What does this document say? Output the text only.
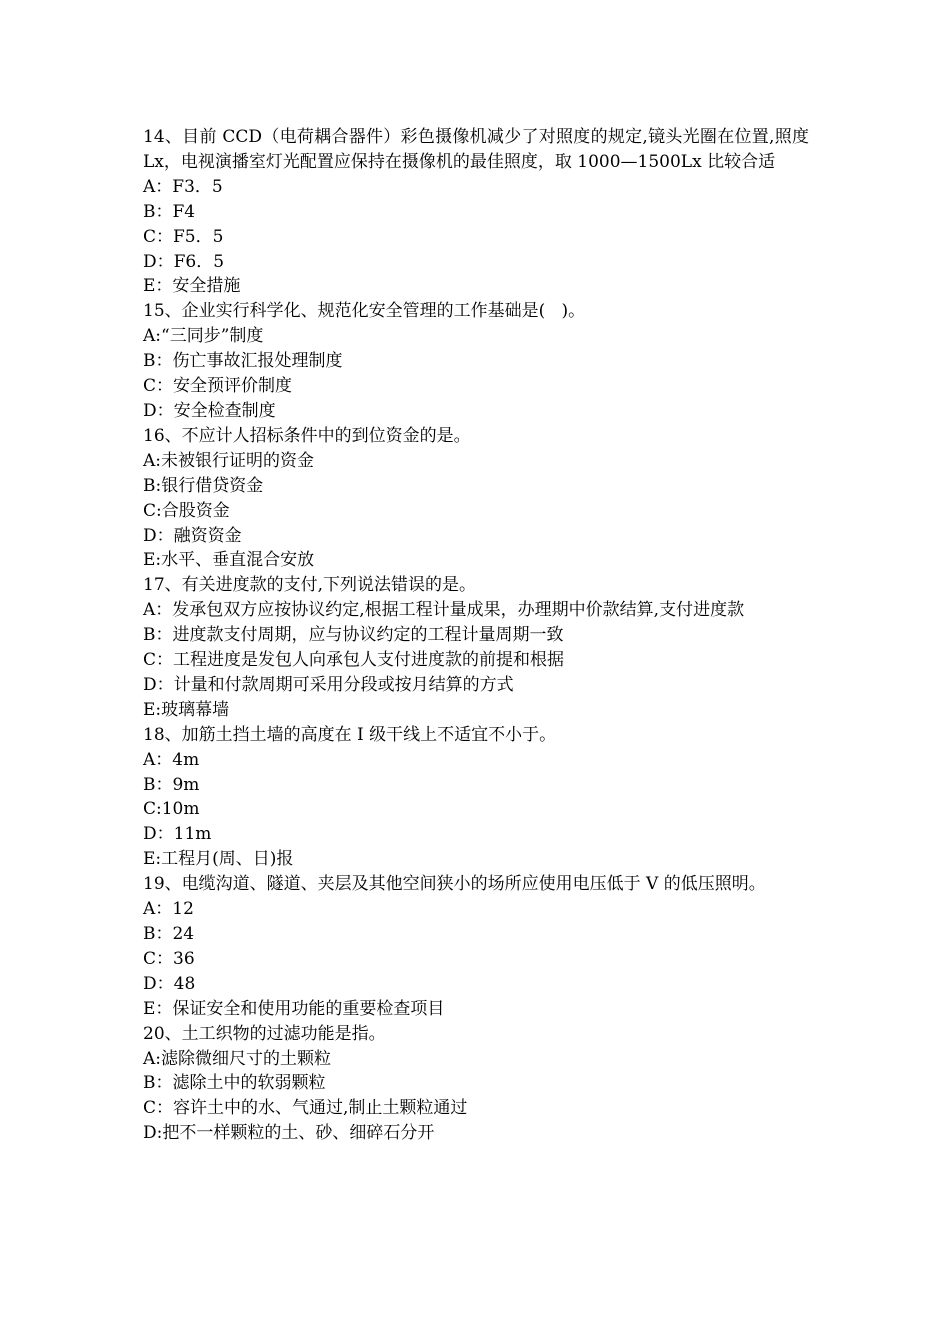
14、目前 CCD（电荷耦合器件）彩色摄像机减少了对照度的规定,镜头光圈在位置,照度 Lx，电视演播室灯光配置应保持在摄像机的最佳照度，取 1000—1500Lx 比较合适

A：F3．5

B：F4

C：F5．5

D：F6．5

E：安全措施

15、企业实行科学化、规范化安全管理的工作基础是(   )。

A:“三同步”制度

B：伤亡事故汇报处理制度

C：安全预评价制度

D：安全检查制度

16、不应计人招标条件中的到位资金的是。

A:未被银行证明的资金

B:银行借贷资金

C:合股资金

D：融资资金

E:水平、垂直混合安放

17、有关进度款的支付,下列说法错误的是。

A：发承包双方应按协议约定,根据工程计量成果，办理期中价款结算,支付进度款

B：进度款支付周期，应与协议约定的工程计量周期一致

C：工程进度是发包人向承包人支付进度款的前提和根据

D：计量和付款周期可采用分段或按月结算的方式

E:玻璃幕墙

18、加筋土挡土墙的高度在 I 级干线上不适宜不小于。

A：4m

B：9m

C:10m

D：11m

E:工程月(周、日)报

19、电缆沟道、隧道、夹层及其他空间狭小的场所应使用电压低于 V 的低压照明。

A：12

B：24

C：36

D：48

E：保证安全和使用功能的重要检查项目

20、土工织物的过滤功能是指。

A:滤除微细尺寸的土颗粒

B：滤除土中的软弱颗粒

C：容许土中的水、气通过,制止土颗粒通过

D:把不一样颗粒的土、砂、细碎石分开
